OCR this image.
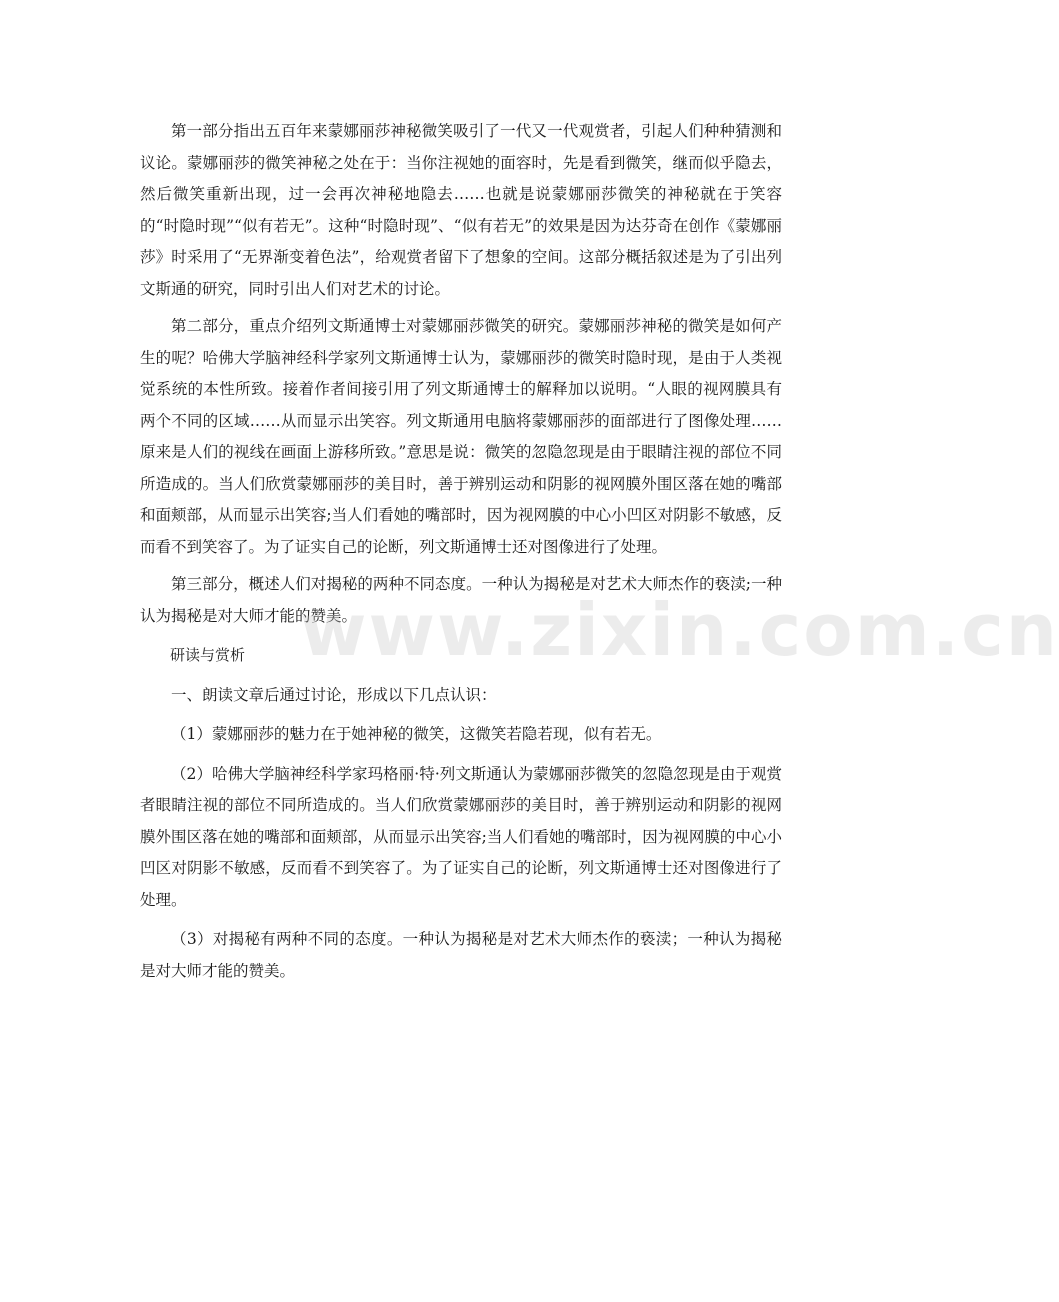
第一部分指出五百年来蒙娜丽莎神秘微笑吸引了一代又一代观赏者，引起人们种种猜测和议论。蒙娜丽莎的微笑神秘之处在于：当你注视她的面容时，先是看到微笑，继而似乎隐去，然后微笑重新出现，过一会再次神秘地隐去……也就是说蒙娜丽莎微笑的神秘就在于笑容的“时隐时现”“似有若无”。这种“时隐时现”、“似有若无”的效果是因为达芬奇在创作《蒙娜丽莎》时采用了“无界渐变着色法”，给观赏者留下了想象的空间。这部分概括叙述是为了引出列文斯通的研究，同时引出人们对艺术的讨论。

第二部分，重点介绍列文斯通博士对蒙娜丽莎微笑的研究。蒙娜丽莎神秘的微笑是如何产生的呢？哈佛大学脑神经科学家列文斯通博士认为，蒙娜丽莎的微笑时隐时现，是由于人类视觉系统的本性所致。接着作者间接引用了列文斯通博士的解释加以说明。“人眼的视网膜具有两个不同的区域……从而显示出笑容。列文斯通用电脑将蒙娜丽莎的面部进行了图像处理……原来是人们的视线在画面上游移所致。”意思是说：微笑的忽隐忽现是由于眼睛注视的部位不同所造成的。当人们欣赏蒙娜丽莎的美目时，善于辨别运动和阴影的视网膜外围区落在她的嘴部和面颊部，从而显示出笑容;当人们看她的嘴部时，因为视网膜的中心小凹区对阴影不敏感，反而看不到笑容了。为了证实自己的论断，列文斯通博士还对图像进行了处理。

第三部分，概述人们对揭秘的两种不同态度。一种认为揭秘是对艺术大师杰作的亵渎;一种认为揭秘是对大师才能的赞美。

研读与赏析

一、朗读文章后通过讨论，形成以下几点认识：

（1）蒙娜丽莎的魅力在于她神秘的微笑，这微笑若隐若现，似有若无。

（2）哈佛大学脑神经科学家玛格丽·特·列文斯通认为蒙娜丽莎微笑的忽隐忽现是由于观赏者眼睛注视的部位不同所造成的。当人们欣赏蒙娜丽莎的美目时，善于辨别运动和阴影的视网膜外围区落在她的嘴部和面颊部，从而显示出笑容;当人们看她的嘴部时，因为视网膜的中心小凹区对阴影不敏感，反而看不到笑容了。为了证实自己的论断，列文斯通博士还对图像进行了处理。

（3）对揭秘有两种不同的态度。一种认为揭秘是对艺术大师杰作的亵渎；一种认为揭秘是对大师才能的赞美。

www.zixin.com.cn
